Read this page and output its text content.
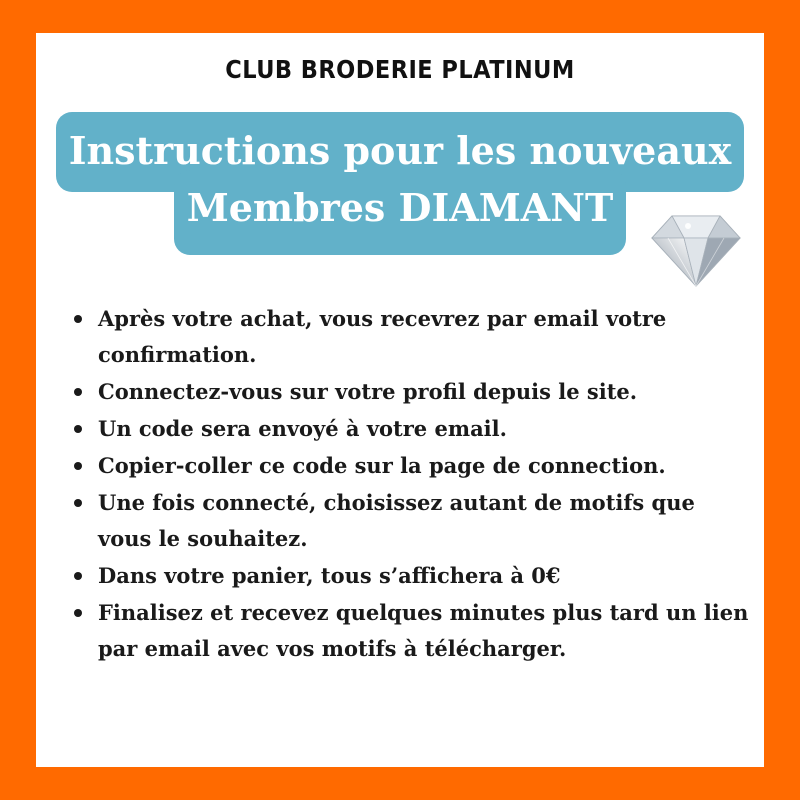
CLUB BRODERIE PLATINUM
Instructions pour les nouveaux
Membres DIAMANT
Après votre achat, vous recevrez par email votre confirmation.
Connectez-vous sur votre profil depuis le site.
Un code sera envoyé à votre email.
Copier-coller ce code sur la page de connection.
Une fois connecté, choisissez autant de motifs que vous le souhaitez.
Dans votre panier, tous s’affichera à 0€
Finalisez et recevez quelques minutes plus tard un lien par email avec vos motifs à télécharger.
